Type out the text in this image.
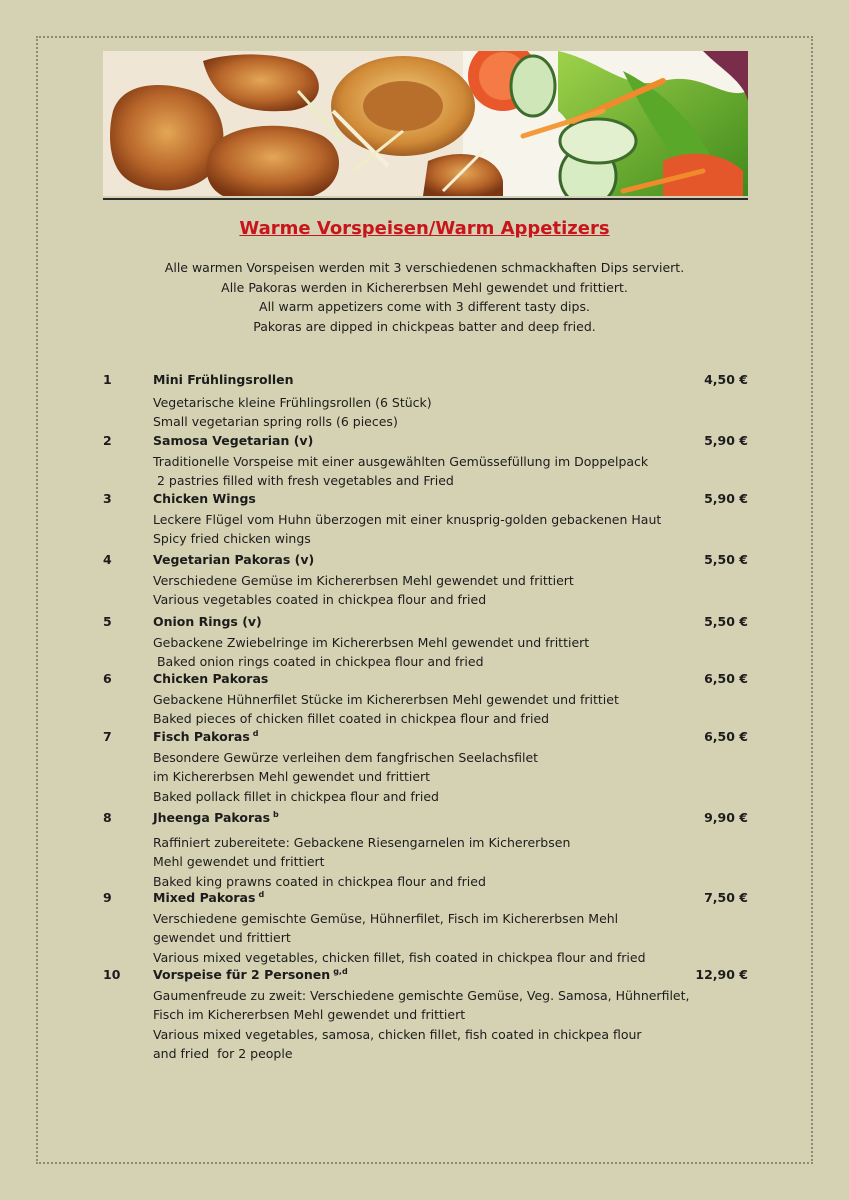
Warme Vorspeisen/Warm Appetizers
Alle warmen Vorspeisen werden mit 3 verschiedenen schmackhaften Dips serviert.
Alle Pakoras werden in Kichererbsen Mehl gewendet und frittiert.
All warm appetizers come with 3 different tasty dips.
Pakoras are dipped in chickpeas batter and deep fried.
1	Mini Frühlingsrollen	4,50 €
Vegetarische kleine Frühlingsrollen (6 Stück)
Small vegetarian spring rolls (6 pieces)
2	Samosa Vegetarian (v)	5,90 €
Traditionelle Vorspeise mit einer ausgewählten Gemüssefüllung im Doppelpack
2 pastries filled with fresh vegetables and Fried
3	Chicken Wings	5,90 €
Leckere Flügel vom Huhn überzogen mit einer knusprig-golden gebackenen Haut
Spicy fried chicken wings
4	Vegetarian Pakoras (v)	5,50 €
Verschiedene Gemüse im Kichererbsen Mehl gewendet und frittiert
Various vegetables coated in chickpea flour and fried
5	Onion Rings (v)	5,50 €
Gebackene Zwiebelringe im Kichererbsen Mehl gewendet und frittiert
Baked onion rings coated in chickpea flour and fried
6	Chicken Pakoras	6,50 €
Gebackene Hühnerfilet Stücke im Kichererbsen Mehl gewendet und frittiet
Baked pieces of chicken fillet coated in chickpea flour and fried
7	Fisch Pakoras $^d$	6,50 €
Besondere Gewürze verleihen dem fangfrischen Seelachsfilet
im Kichererbsen Mehl gewendet und frittiert
Baked pollack fillet in chickpea flour and fried
8	Jheenga Pakoras $^b$	9,90 €
Raffiniert zubereitete: Gebackene Riesengarnelen im Kichererbsen
Mehl gewendet und frittiert
Baked king prawns coated in chickpea flour and fried
9	Mixed Pakoras $^d$	7,50 €
Verschiedene gemischte Gemüse, Hühnerfilet, Fisch im Kichererbsen Mehl
gewendet und frittiert
Various mixed vegetables, chicken fillet, fish coated in chickpea flour and fried
10	Vorspeise für 2 Personen $^{g,d}$	12,90 €
Gaumenfreude zu zweit: Verschiedene gemischte Gemüse, Veg. Samosa, Hühnerfilet,
Fisch im Kichererbsen Mehl gewendet und frittiert
Various mixed vegetables, samosa, chicken fillet, fish coated in chickpea flour
and fried  for 2 people
